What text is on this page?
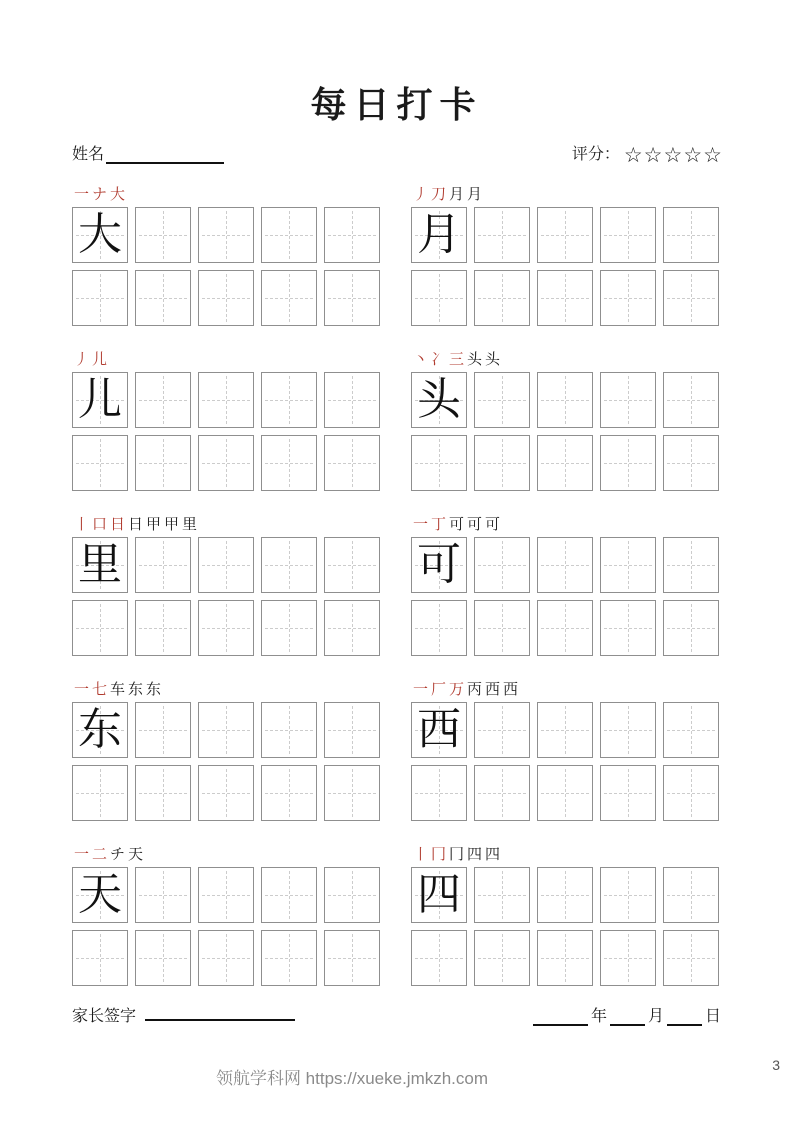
每日打卡
姓名	评分： ☆☆☆☆☆
一ナ大
大
丿刀月月
月
丿儿
儿
丶冫三头头
头
丨口日日甲甲里
里
一丁可可可
可
一七车东东
东
一厂万丙西西
西
一二チ天
天
丨冂冂四四
四
家长签字	年	月	日
领航学科网 https://xueke.jmkzh.com
3
